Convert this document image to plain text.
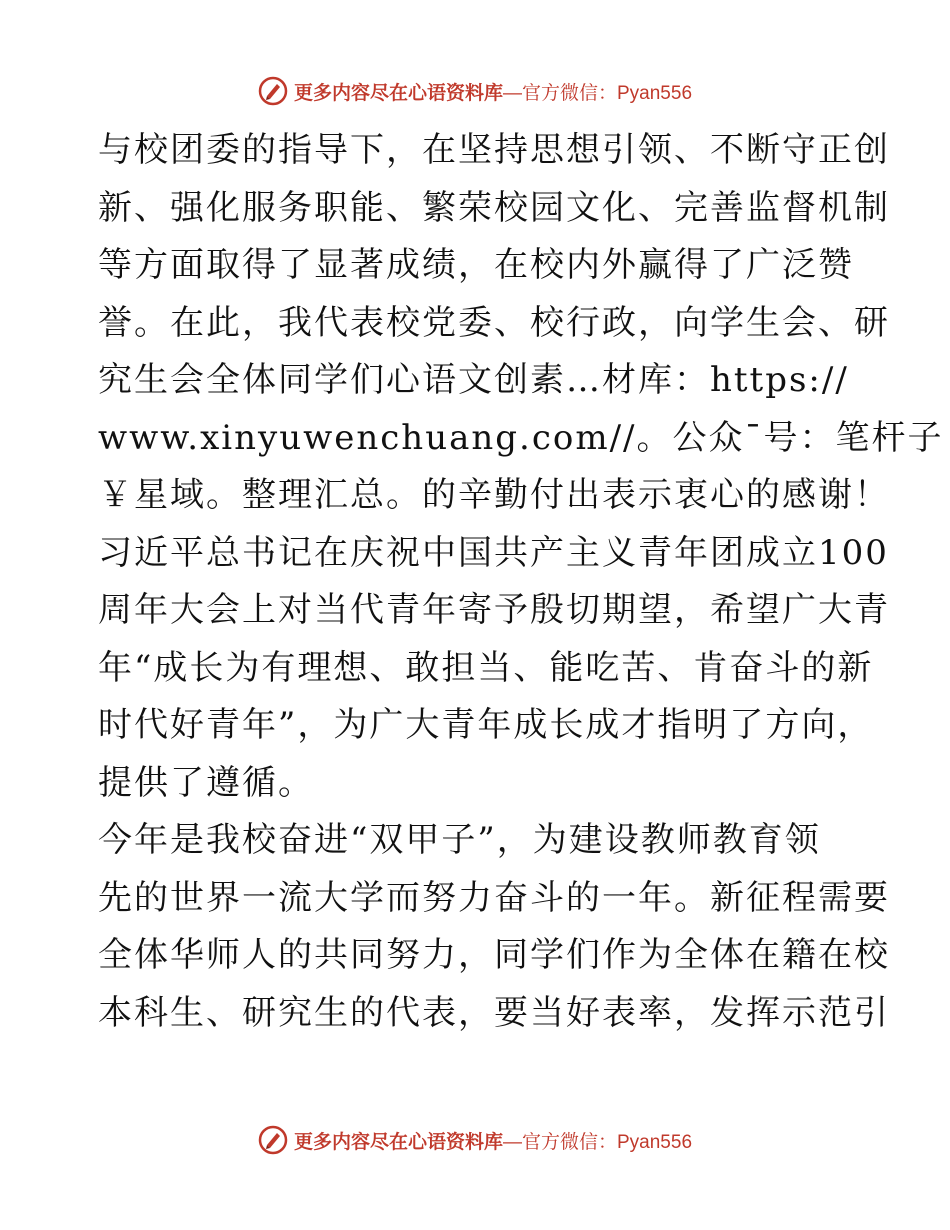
更多内容尽在心语资料库 —官方微信：Pyan556
与校团委的指导下，在坚持思想引领、不断守正创
新、强化服务职能、繁荣校园文化、完善监督机制
等方面取得了显著成绩，在校内外赢得了广泛赞
誉。在此，我代表校党委、校行政，向学生会、研
究生会全体同学们心语文创素…材库：https://
www.xinyuwenchuang.com//。公众¯号：笔杆子
￥星域。整理汇总。的辛勤付出表示衷心的感谢！
习近平总书记在庆祝中国共产主义青年团成立100
周年大会上对当代青年寄予殷切期望，希望广大青
年“成长为有理想、敢担当、能吃苦、肯奋斗的新
时代好青年”，为广大青年成长成才指明了方向，
提供了遵循。
今年是我校奋进“双甲子”，为建设教师教育领
先的世界一流大学而努力奋斗的一年。新征程需要
全体华师人的共同努力，同学们作为全体在籍在校
本科生、研究生的代表，要当好表率，发挥示范引
更多内容尽在心语资料库 —官方微信：Pyan556
